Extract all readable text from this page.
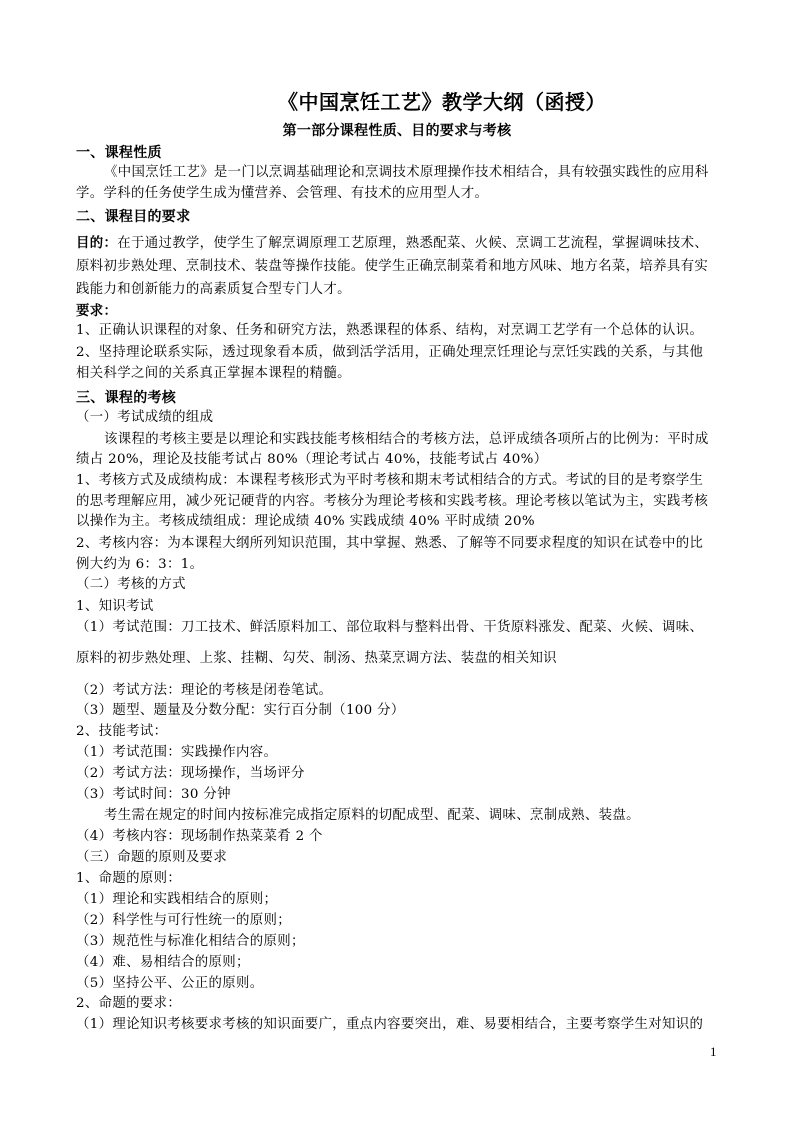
《中国烹饪工艺》教学大纲（函授）
第一部分课程性质、目的要求与考核
一、课程性质
《中国烹饪工艺》是一门以烹调基础理论和烹调技术原理操作技术相结合，具有较强实践性的应用科
学。学科的任务使学生成为懂营养、会管理、有技术的应用型人才。
二、课程目的要求
目的：在于通过教学，使学生了解烹调原理工艺原理，熟悉配菜、火候、烹调工艺流程，掌握调味技术、
原料初步熟处理、烹制技术、装盘等操作技能。使学生正确烹制菜肴和地方风味、地方名菜，培养具有实
践能力和创新能力的高素质复合型专门人才。
要求：
1、正确认识课程的对象、任务和研究方法，熟悉课程的体系、结构，对烹调工艺学有一个总体的认识。
2、坚持理论联系实际，透过现象看本质，做到活学活用，正确处理烹饪理论与烹饪实践的关系，与其他
相关科学之间的关系真正掌握本课程的精髓。
三、课程的考核
（一）考试成绩的组成
该课程的考核主要是以理论和实践技能考核相结合的考核方法，总评成绩各项所占的比例为：平时成
绩占 20%，理论及技能考试占 80%（理论考试占 40%，技能考试占 40%）
1、考核方式及成绩构成：本课程考核形式为平时考核和期末考试相结合的方式。考试的目的是考察学生
的思考理解应用，减少死记硬背的内容。考核分为理论考核和实践考核。理论考核以笔试为主，实践考核
以操作为主。考核成绩组成：理论成绩 40% 实践成绩 40% 平时成绩 20%
2、考核内容：为本课程大纲所列知识范围，其中掌握、熟悉、了解等不同要求程度的知识在试卷中的比
例大约为 6：3：1。
（二）考核的方式
1、知识考试
（1）考试范围：刀工技术、鲜活原料加工、部位取料与整料出骨、干货原料涨发、配菜、火候、调味、
原料的初步熟处理、上浆、挂糊、勾芡、制汤、热菜烹调方法、装盘的相关知识
（2）考试方法：理论的考核是闭卷笔试。
（3）题型、题量及分数分配：实行百分制（100 分）
2、技能考试：
（1）考试范围：实践操作内容。
（2）考试方法：现场操作，当场评分
（3）考试时间：30 分钟
考生需在规定的时间内按标准完成指定原料的切配成型、配菜、调味、烹制成熟、装盘。
（4）考核内容：现场制作热菜菜肴 2 个
（三）命题的原则及要求
1、命题的原则：
（1）理论和实践相结合的原则；
（2）科学性与可行性统一的原则；
（3）规范性与标准化相结合的原则；
（4）难、易相结合的原则；
（5）坚持公平、公正的原则。
2、命题的要求：
（1）理论知识考核要求考核的知识面要广，重点内容要突出，难、易要相结合，主要考察学生对知识的
1
